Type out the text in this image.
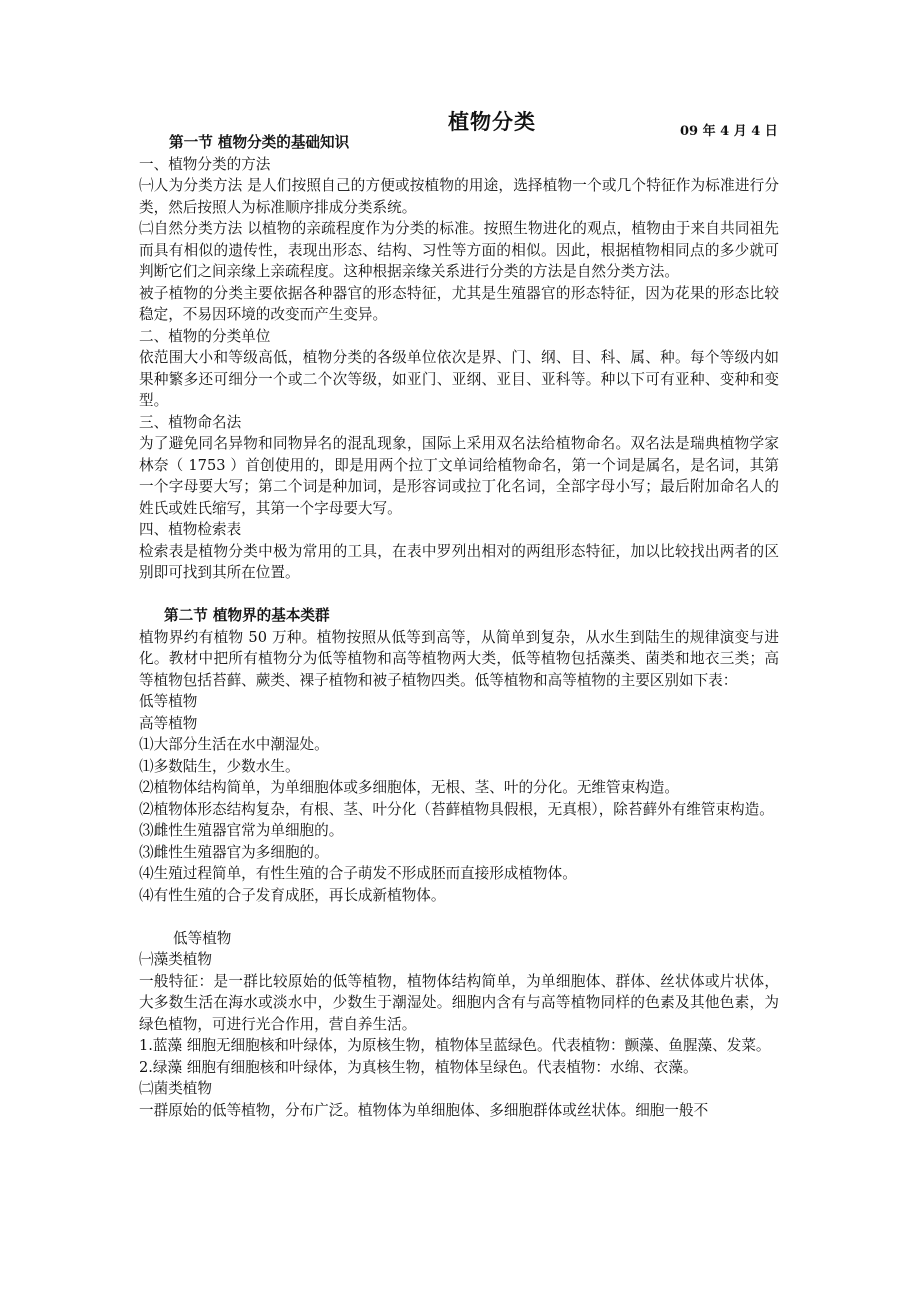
植物分类	09 年 4 月 4 日

第一节 植物分类的基础知识

一、植物分类的方法

㈠人为分类方法 是人们按照自己的方便或按植物的用途，选择植物一个或几个特征作为标准进行分类，然后按照人为标准顺序排成分类系统。

㈡自然分类方法 以植物的亲疏程度作为分类的标准。按照生物进化的观点，植物由于来自共同祖先而具有相似的遗传性，表现出形态、结构、习性等方面的相似。因此，根据植物相同点的多少就可判断它们之间亲缘上亲疏程度。这种根据亲缘关系进行分类的方法是自然分类方法。

被子植物的分类主要依据各种器官的形态特征，尤其是生殖器官的形态特征，因为花果的形态比较稳定，不易因环境的改变而产生变异。

二、植物的分类单位

依范围大小和等级高低，植物分类的各级单位依次是界、门、纲、目、科、属、种。每个等级内如果种繁多还可细分一个或二个次等级，如亚门、亚纲、亚目、亚科等。种以下可有亚种、变种和变型。

三、植物命名法

为了避免同名异物和同物异名的混乱现象，国际上采用双名法给植物命名。双名法是瑞典植物学家林奈（ 1753 ）首创使用的，即是用两个拉丁文单词给植物命名，第一个词是属名，是名词，其第一个字母要大写；第二个词是种加词，是形容词或拉丁化名词，全部字母小写；最后附加命名人的姓氏或姓氏缩写，其第一个字母要大写。

四、植物检索表

检索表是植物分类中极为常用的工具，在表中罗列出相对的两组形态特征，加以比较找出两者的区别即可找到其所在位置。

第二节 植物界的基本类群

植物界约有植物 50 万种。植物按照从低等到高等，从简单到复杂，从水生到陆生的规律演变与进化。教材中把所有植物分为低等植物和高等植物两大类，低等植物包括藻类、菌类和地衣三类；高等植物包括苔藓、蕨类、裸子植物和被子植物四类。低等植物和高等植物的主要区别如下表：

低等植物

高等植物

⑴大部分生活在水中潮湿处。

⑴多数陆生，少数水生。

⑵植物体结构简单，为单细胞体或多细胞体，无根、茎、叶的分化。无维管束构造。

⑵植物体形态结构复杂，有根、茎、叶分化（苔藓植物具假根，无真根），除苔藓外有维管束构造。

⑶雌性生殖器官常为单细胞的。

⑶雌性生殖器官为多细胞的。

⑷生殖过程简单，有性生殖的合子萌发不形成胚而直接形成植物体。

⑷有性生殖的合子发育成胚，再长成新植物体。

低等植物

㈠藻类植物

一般特征：是一群比较原始的低等植物，植物体结构简单，为单细胞体、群体、丝状体或片状体，大多数生活在海水或淡水中，少数生于潮湿处。细胞内含有与高等植物同样的色素及其他色素，为绿色植物，可进行光合作用，营自养生活。

1.蓝藻 细胞无细胞核和叶绿体，为原核生物，植物体呈蓝绿色。代表植物：颤藻、鱼腥藻、发菜。

2.绿藻 细胞有细胞核和叶绿体，为真核生物，植物体呈绿色。代表植物：水绵、衣藻。

㈡菌类植物

一群原始的低等植物，分布广泛。植物体为单细胞体、多细胞群体或丝状体。细胞一般不
